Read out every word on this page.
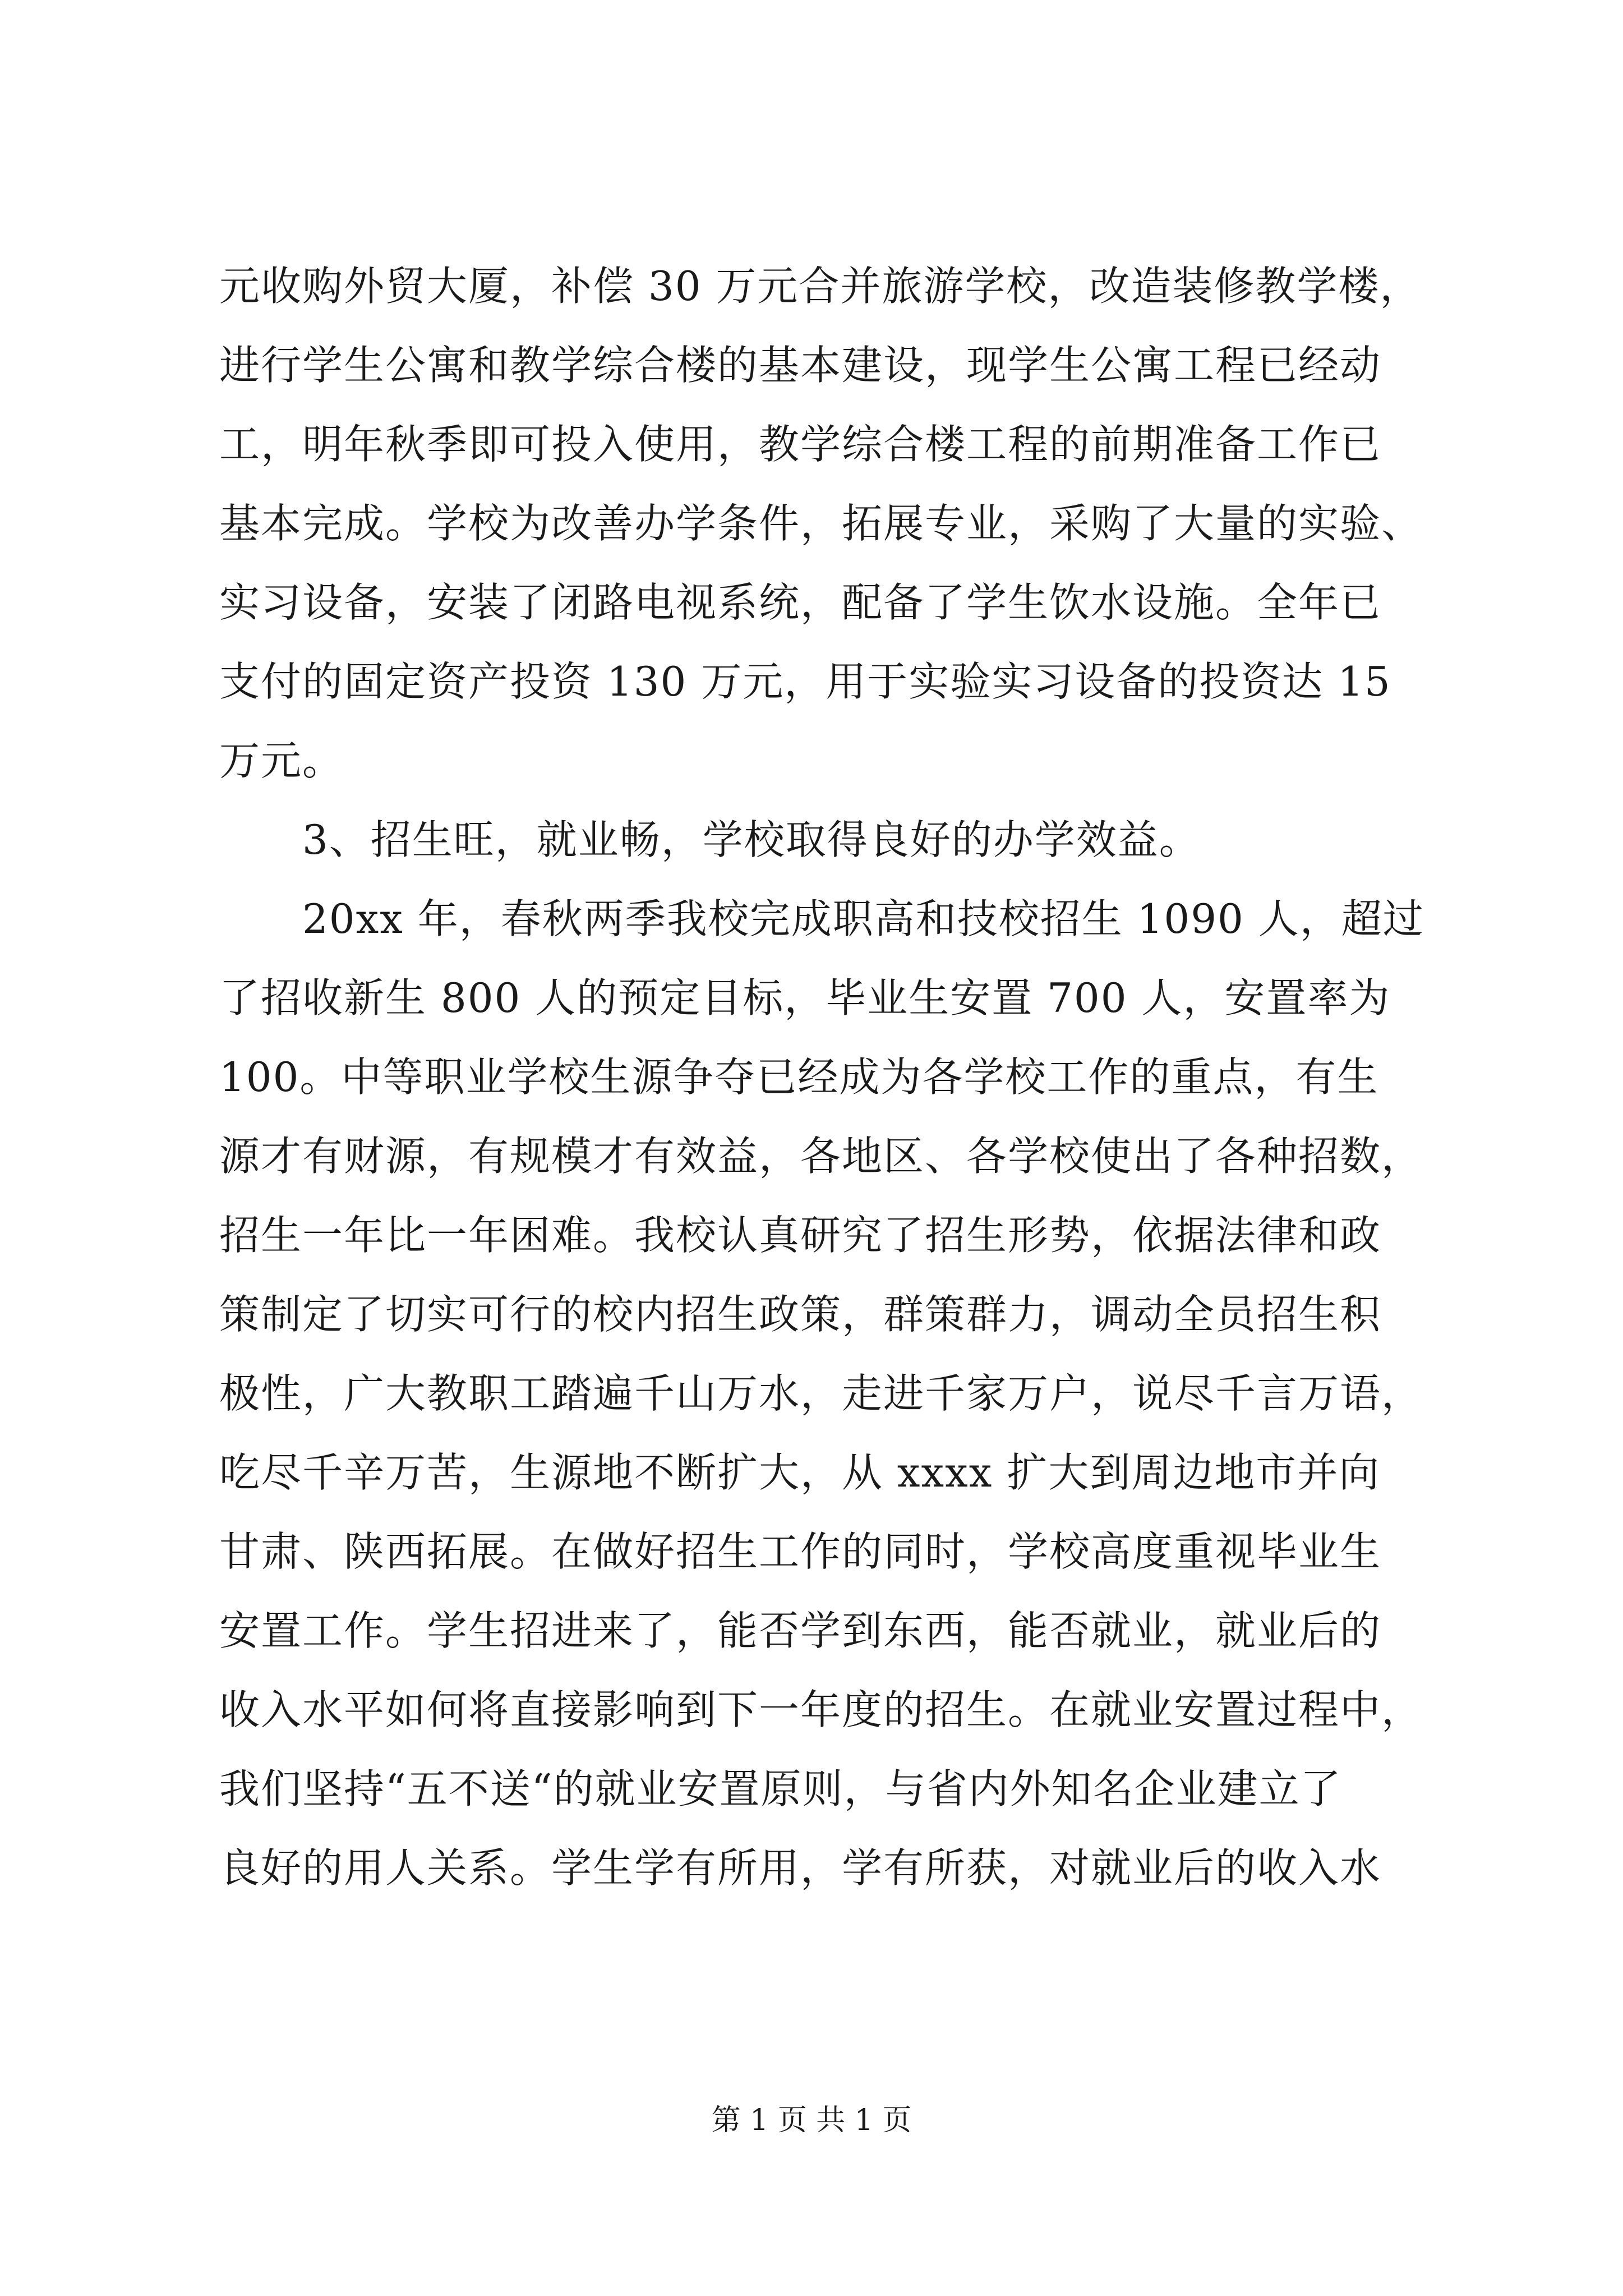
元收购外贸大厦，补偿 30 万元合并旅游学校，改造装修教学楼，
进行学生公寓和教学综合楼的基本建设，现学生公寓工程已经动
工，明年秋季即可投入使用，教学综合楼工程的前期准备工作已
基本完成。学校为改善办学条件，拓展专业，采购了大量的实验、
实习设备，安装了闭路电视系统，配备了学生饮水设施。全年已
支付的固定资产投资 130 万元，用于实验实习设备的投资达 15
万元。
3、招生旺，就业畅，学校取得良好的办学效益。
20xx 年，春秋两季我校完成职高和技校招生 1090 人，超过
了招收新生 800 人的预定目标，毕业生安置 700 人，安置率为
100。中等职业学校生源争夺已经成为各学校工作的重点，有生
源才有财源，有规模才有效益，各地区、各学校使出了各种招数，
招生一年比一年困难。我校认真研究了招生形势，依据法律和政
策制定了切实可行的校内招生政策，群策群力，调动全员招生积
极性，广大教职工踏遍千山万水，走进千家万户，说尽千言万语，
吃尽千辛万苦，生源地不断扩大，从 xxxx 扩大到周边地市并向
甘肃、陕西拓展。在做好招生工作的同时，学校高度重视毕业生
安置工作。学生招进来了，能否学到东西，能否就业，就业后的
收入水平如何将直接影响到下一年度的招生。在就业安置过程中，
我们坚持“五不送“的就业安置原则，与省内外知名企业建立了
良好的用人关系。学生学有所用，学有所获，对就业后的收入水
第 1 页 共 1 页
